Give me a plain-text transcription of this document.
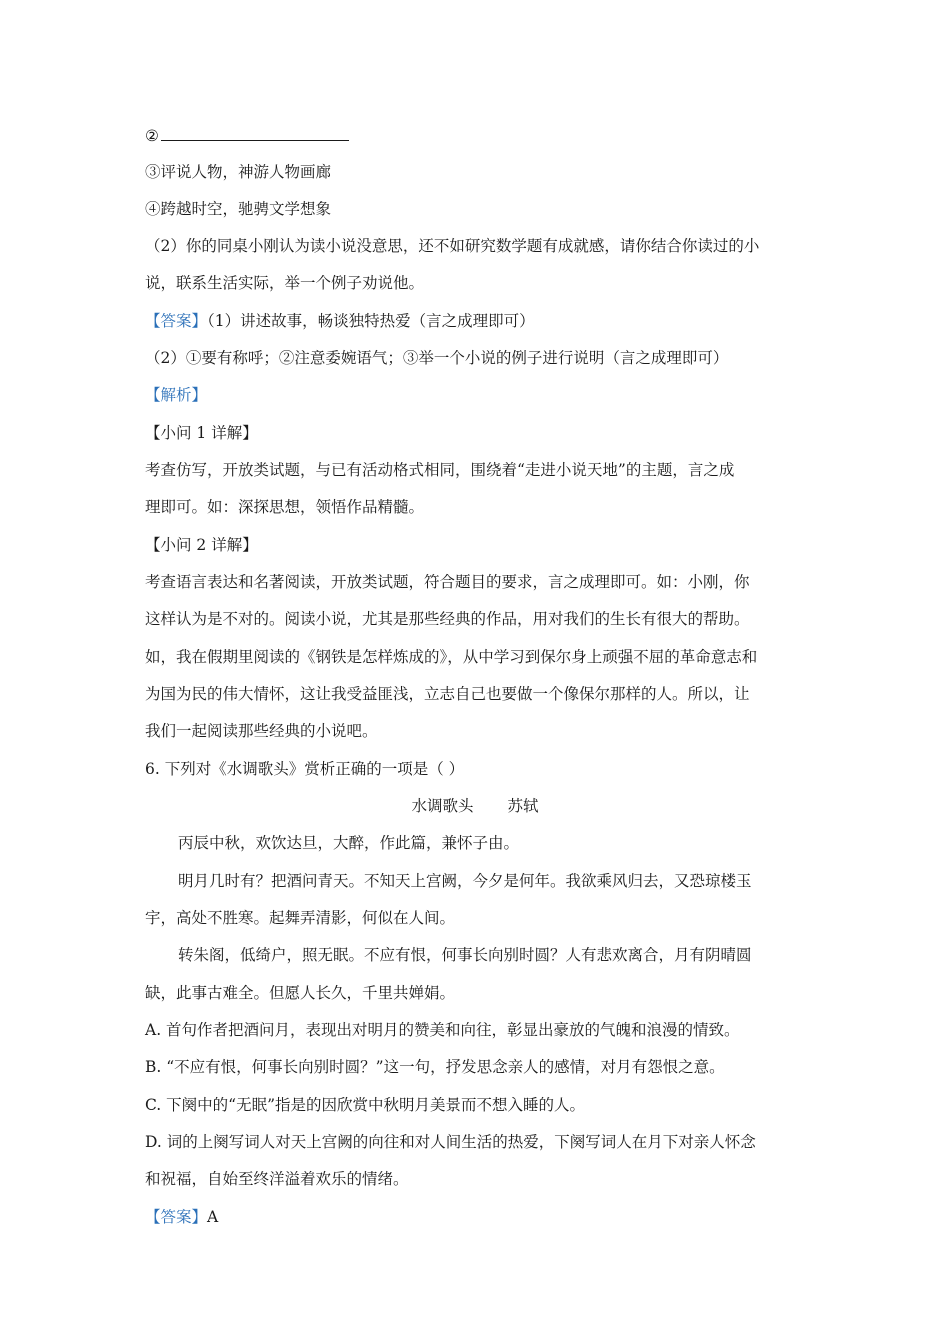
②
③评说人物，神游人物画廊
④跨越时空，驰骋文学想象
（2）你的同桌小刚认为读小说没意思，还不如研究数学题有成就感，请你结合你读过的小
说，联系生活实际，举一个例子劝说他。
【答案】（1）讲述故事，畅谈独特热爱（言之成理即可）
（2）①要有称呼；②注意委婉语气；③举一个小说的例子进行说明（言之成理即可）
【解析】
【小问 1 详解】
考查仿写，开放类试题，与已有活动格式相同，围绕着“走进小说天地”的主题，言之成
理即可。如：深探思想，领悟作品精髓。
【小问 2 详解】
考查语言表达和名著阅读，开放类试题，符合题目的要求，言之成理即可。如：小刚，你
这样认为是不对的。阅读小说，尤其是那些经典的作品，用对我们的生长有很大的帮助。
如，我在假期里阅读的《钢铁是怎样炼成的》，从中学习到保尔身上顽强不屈的革命意志和
为国为民的伟大情怀，这让我受益匪浅，立志自己也要做一个像保尔那样的人。所以，让
我们一起阅读那些经典的小说吧。
6. 下列对《水调歌头》赏析正确的一项是（ ）
水调歌头 苏轼
丙辰中秋，欢饮达旦，大醉，作此篇，兼怀子由。
明月几时有？把酒问青天。不知天上宫阙，今夕是何年。我欲乘风归去，又恐琼楼玉
宇，高处不胜寒。起舞弄清影，何似在人间。
转朱阁，低绮户，照无眠。不应有恨，何事长向别时圆？人有悲欢离合，月有阴晴圆
缺，此事古难全。但愿人长久，千里共婵娟。
A. 首句作者把酒问月，表现出对明月的赞美和向往，彰显出豪放的气魄和浪漫的情致。
B. “不应有恨，何事长向别时圆？”这一句，抒发思念亲人的感情，对月有怨恨之意。
C. 下阕中的“无眠”指是的因欣赏中秋明月美景而不想入睡的人。
D. 词的上阕写词人对天上宫阙的向往和对人间生活的热爱，下阕写词人在月下对亲人怀念
和祝福，自始至终洋溢着欢乐的情绪。
【答案】A
